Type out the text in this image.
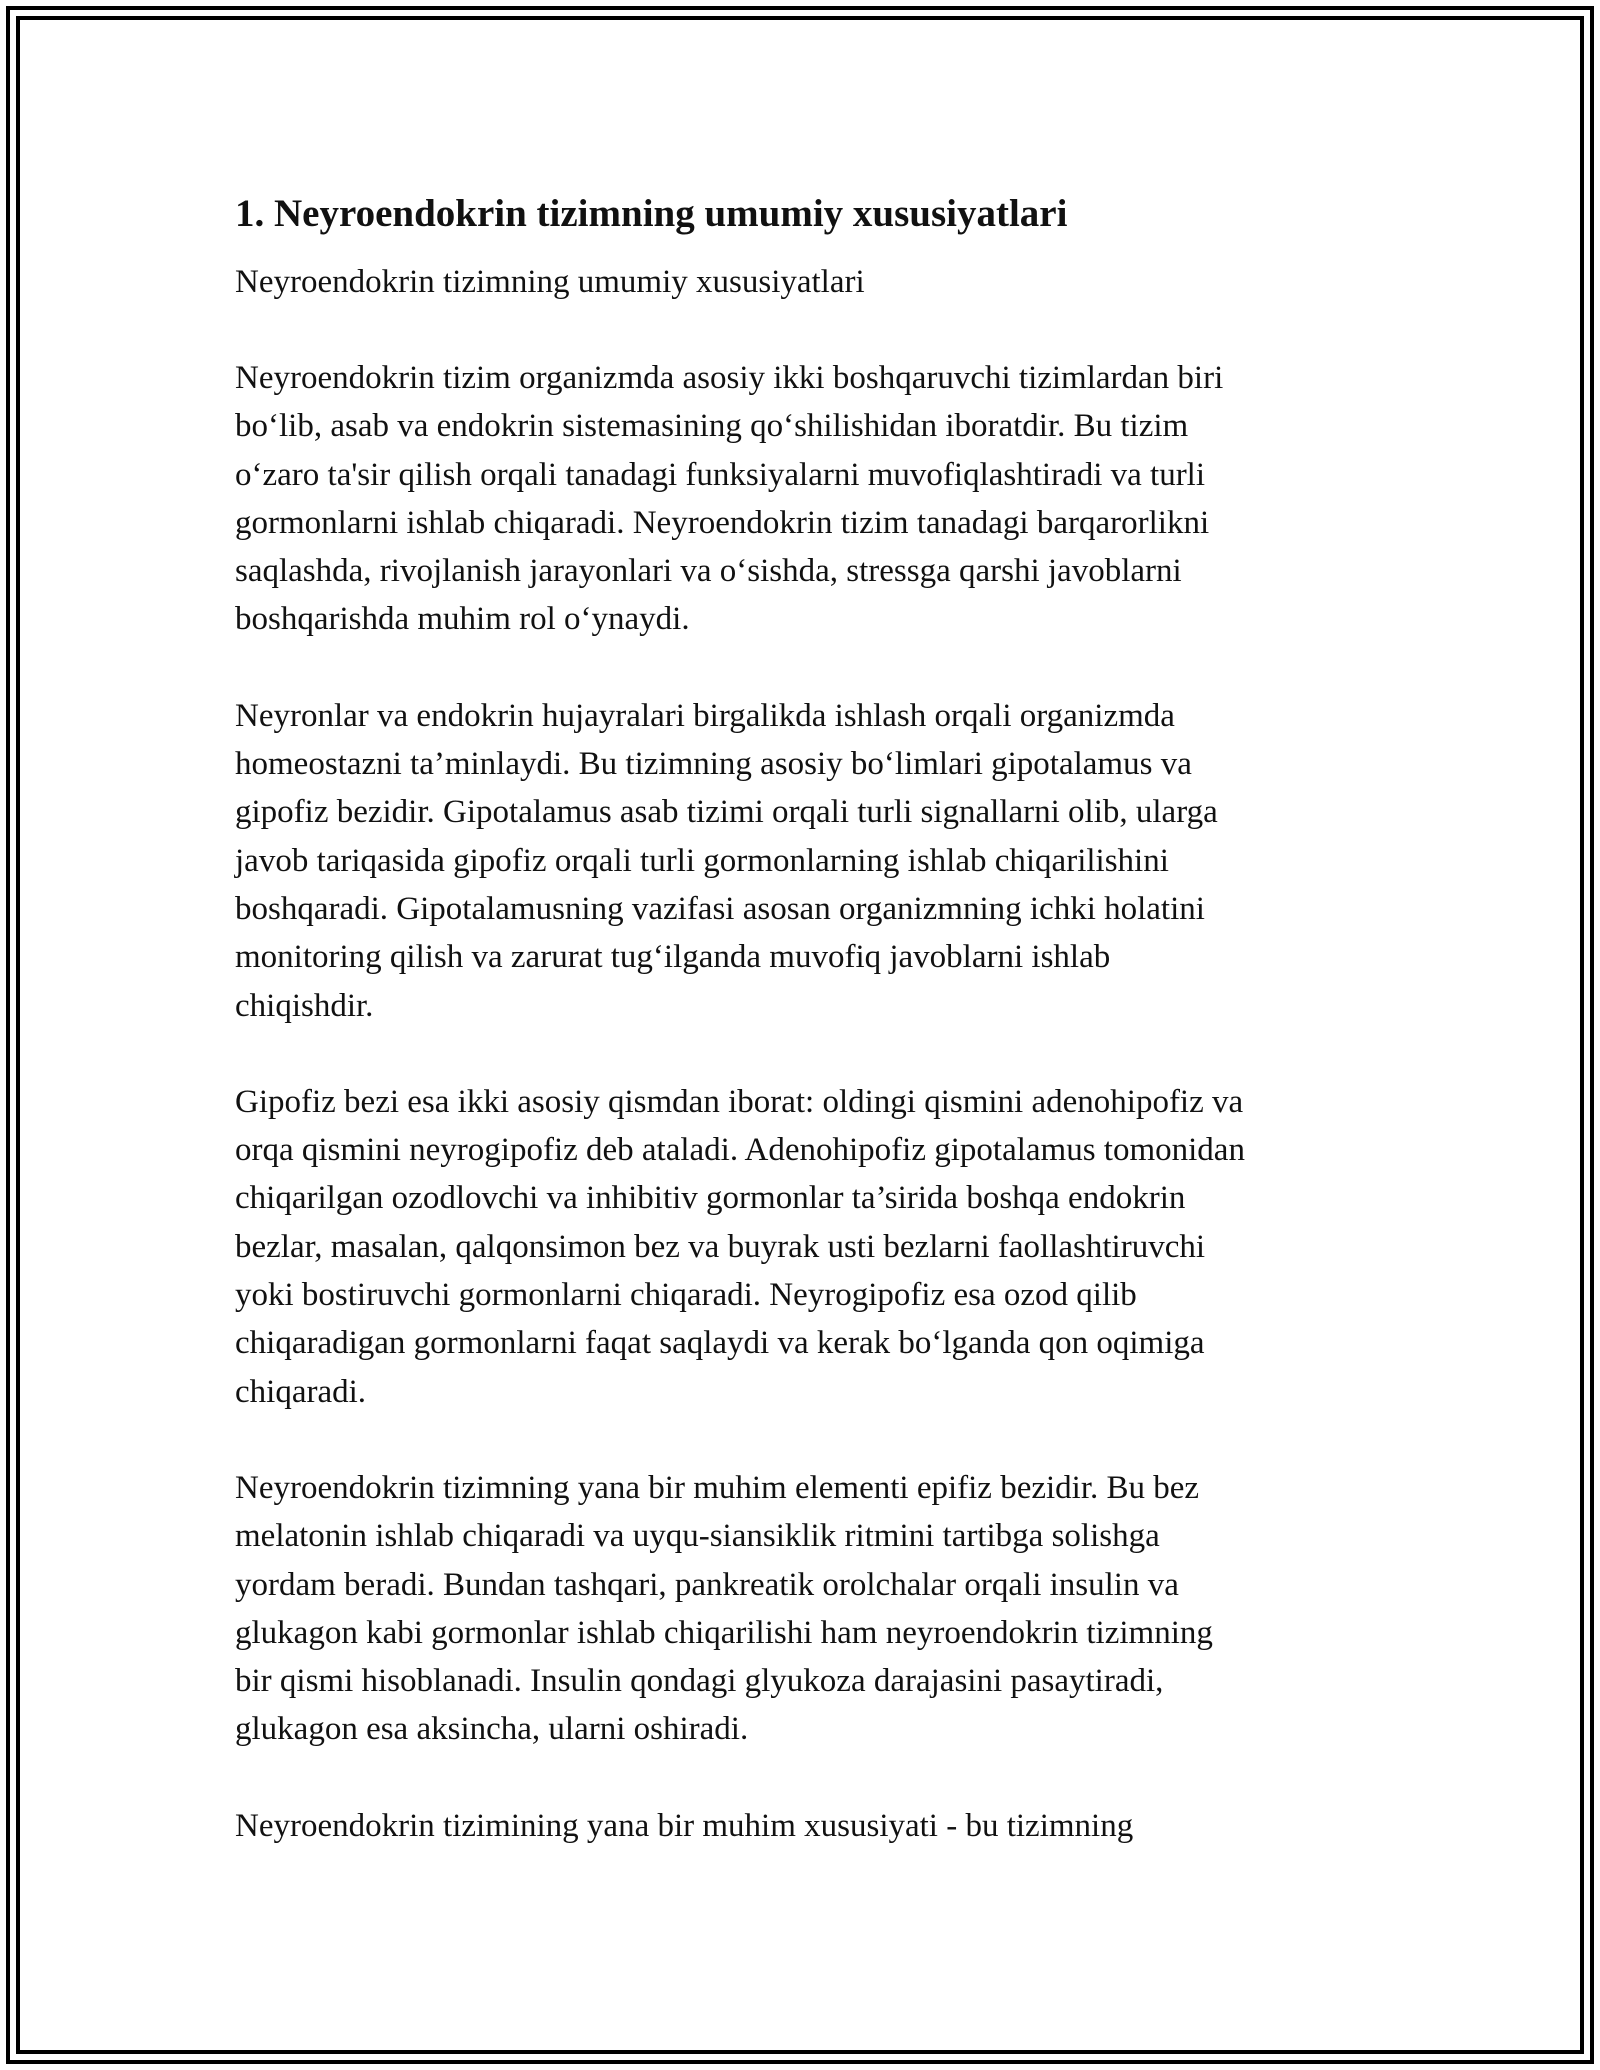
1. Neyroendokrin tizimning umumiy xususiyatlari
Neyroendokrin tizimning umumiy xususiyatlari
Neyroendokrin tizim organizmda asosiy ikki boshqaruvchi tizimlardan biri
bo‘lib, asab va endokrin sistemasining qo‘shilishidan iboratdir. Bu tizim
o‘zaro ta'sir qilish orqali tanadagi funksiyalarni muvofiqlashtiradi va turli
gormonlarni ishlab chiqaradi. Neyroendokrin tizim tanadagi barqarorlikni
saqlashda, rivojlanish jarayonlari va o‘sishda, stressga qarshi javoblarni
boshqarishda muhim rol o‘ynaydi.
Neyronlar va endokrin hujayralari birgalikda ishlash orqali organizmda
homeostazni ta’minlaydi. Bu tizimning asosiy bo‘limlari gipotalamus va
gipofiz bezidir. Gipotalamus asab tizimi orqali turli signallarni olib, ularga
javob tariqasida gipofiz orqali turli gormonlarning ishlab chiqarilishini
boshqaradi. Gipotalamusning vazifasi asosan organizmning ichki holatini
monitoring qilish va zarurat tug‘ilganda muvofiq javoblarni ishlab
chiqishdir.
Gipofiz bezi esa ikki asosiy qismdan iborat: oldingi qismini adenohipofiz va
orqa qismini neyrogipofiz deb ataladi. Adenohipofiz gipotalamus tomonidan
chiqarilgan ozodlovchi va inhibitiv gormonlar ta’sirida boshqa endokrin
bezlar, masalan, qalqonsimon bez va buyrak usti bezlarni faollashtiruvchi
yoki bostiruvchi gormonlarni chiqaradi. Neyrogipofiz esa ozod qilib
chiqaradigan gormonlarni faqat saqlaydi va kerak bo‘lganda qon oqimiga
chiqaradi.
Neyroendokrin tizimning yana bir muhim elementi epifiz bezidir. Bu bez
melatonin ishlab chiqaradi va uyqu-siansiklik ritmini tartibga solishga
yordam beradi. Bundan tashqari, pankreatik orolchalar orqali insulin va
glukagon kabi gormonlar ishlab chiqarilishi ham neyroendokrin tizimning
bir qismi hisoblanadi. Insulin qondagi glyukoza darajasini pasaytiradi,
glukagon esa aksincha, ularni oshiradi.
Neyroendokrin tizimining yana bir muhim xususiyati - bu tizimning
